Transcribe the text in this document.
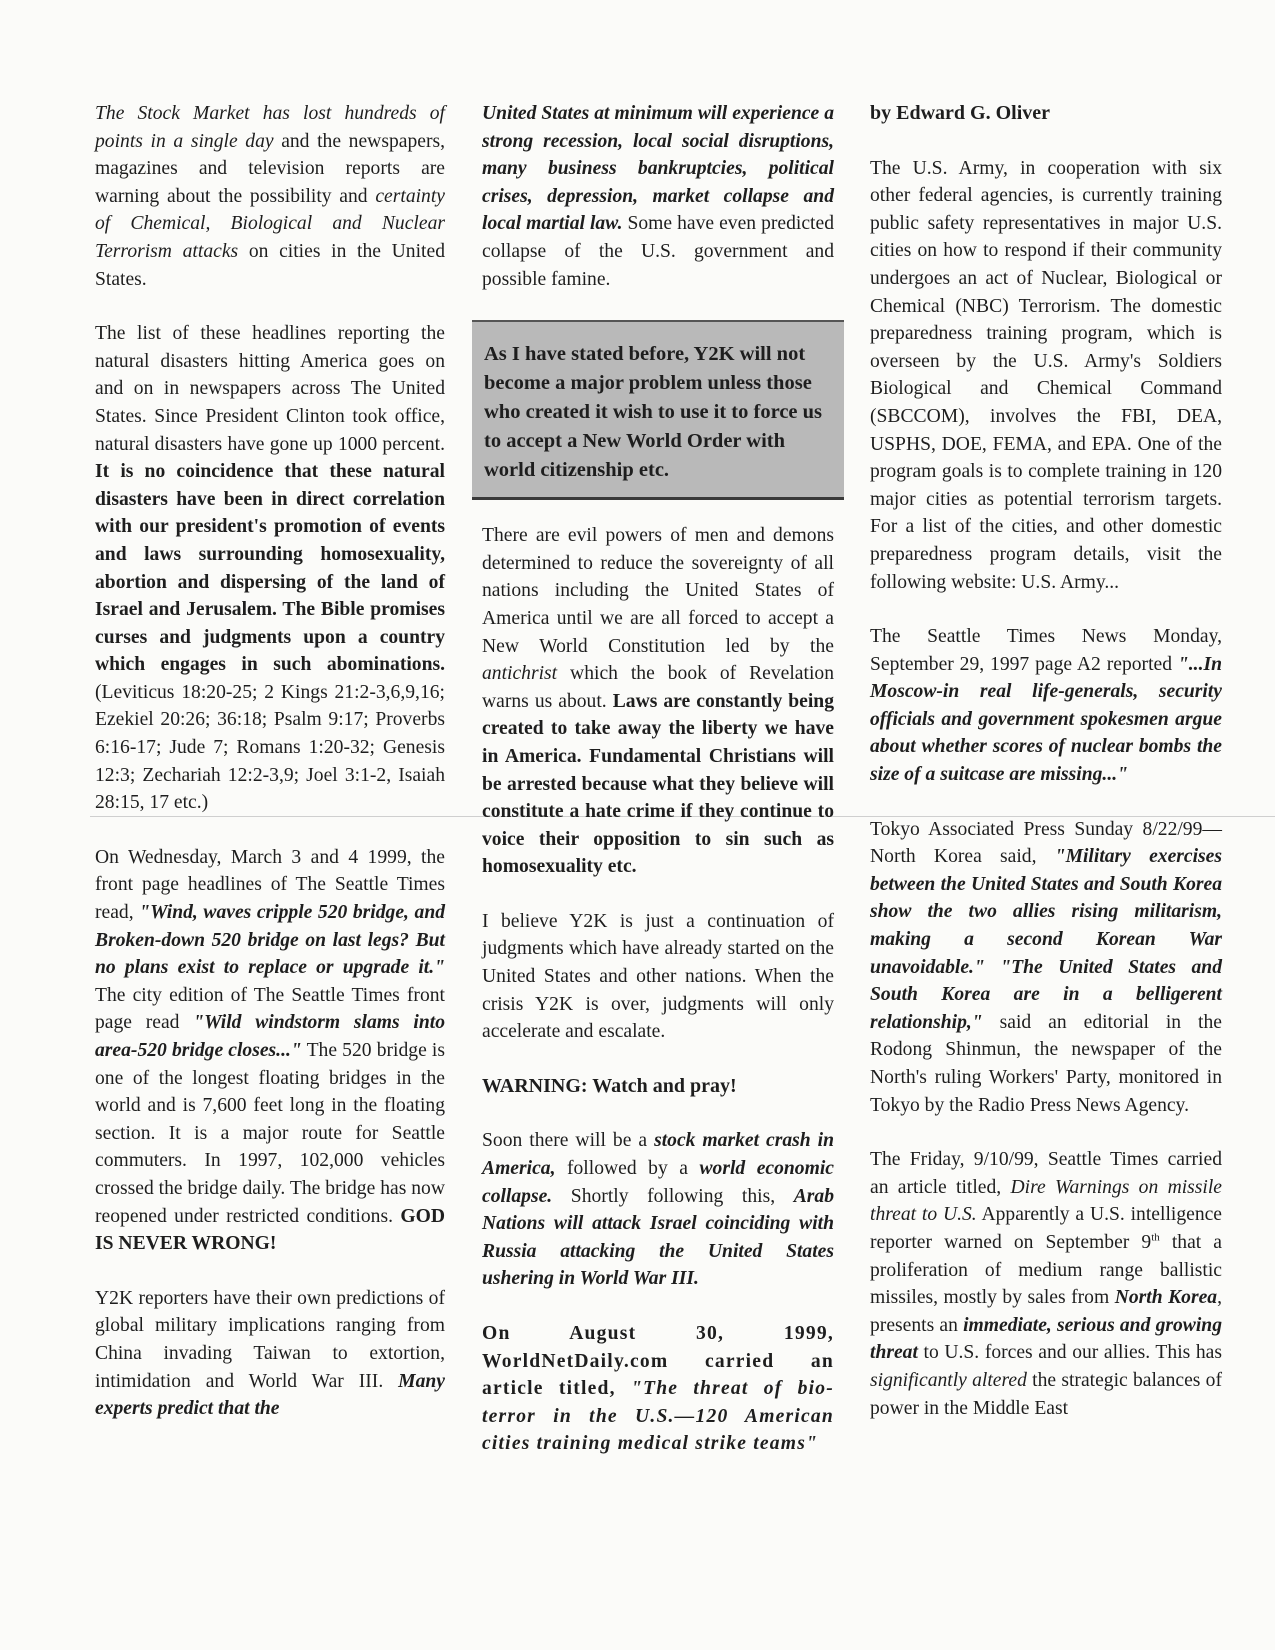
The Stock Market has lost hundreds of points in a single day and the newspapers, magazines and television reports are warning about the possibility and certainty of Chemical, Biological and Nuclear Terrorism attacks on cities in the United States.

The list of these headlines reporting the natural disasters hitting America goes on and on in newspapers across The United States. Since President Clinton took office, natural disasters have gone up 1000 percent. It is no coincidence that these natural disasters have been in direct correlation with our president's promotion of events and laws surrounding homosexuality, abortion and dispersing of the land of Israel and Jerusalem. The Bible promises curses and judgments upon a country which engages in such abominations. (Leviticus 18:20-25; 2 Kings 21:2-3,6,9,16; Ezekiel 20:26; 36:18; Psalm 9:17; Proverbs 6:16-17; Jude 7; Romans 1:20-32; Genesis 12:3; Zechariah 12:2-3,9; Joel 3:1-2, Isaiah 28:15, 17 etc.)

On Wednesday, March 3 and 4 1999, the front page headlines of The Seattle Times read, "Wind, waves cripple 520 bridge, and Broken-down 520 bridge on last legs? But no plans exist to replace or upgrade it." The city edition of The Seattle Times front page read "Wild windstorm slams into area-520 bridge closes..." The 520 bridge is one of the longest floating bridges in the world and is 7,600 feet long in the floating section. It is a major route for Seattle commuters. In 1997, 102,000 vehicles crossed the bridge daily. The bridge has now reopened under restricted conditions. GOD IS NEVER WRONG!

Y2K reporters have their own predictions of global military implications ranging from China invading Taiwan to extortion, intimidation and World War III. Many experts predict that the

United States at minimum will experience a strong recession, local social disruptions, many business bankruptcies, political crises, depression, market collapse and local martial law. Some have even predicted collapse of the U.S. government and possible famine.

As I have stated before, Y2K will not become a major problem unless those who created it wish to use it to force us to accept a New World Order with world citizenship etc.

There are evil powers of men and demons determined to reduce the sovereignty of all nations including the United States of America until we are all forced to accept a New World Constitution led by the antichrist which the book of Revelation warns us about. Laws are constantly being created to take away the liberty we have in America. Fundamental Christians will be arrested because what they believe will constitute a hate crime if they continue to voice their opposition to sin such as homosexuality etc.

I believe Y2K is just a continuation of judgments which have already started on the United States and other nations. When the crisis Y2K is over, judgments will only accelerate and escalate.

WARNING: Watch and pray!

Soon there will be a stock market crash in America, followed by a world economic collapse. Shortly following this, Arab Nations will attack Israel coinciding with Russia attacking the United States ushering in World War III.

On August 30, 1999, WorldNetDaily.com carried an article titled, "The threat of bio-terror in the U.S.—120 American cities training medical strike teams"

by Edward G. Oliver

The U.S. Army, in cooperation with six other federal agencies, is currently training public safety representatives in major U.S. cities on how to respond if their community undergoes an act of Nuclear, Biological or Chemical (NBC) Terrorism. The domestic preparedness training program, which is overseen by the U.S. Army's Soldiers Biological and Chemical Command (SBCCOM), involves the FBI, DEA, USPHS, DOE, FEMA, and EPA. One of the program goals is to complete training in 120 major cities as potential terrorism targets. For a list of the cities, and other domestic preparedness program details, visit the following website: U.S. Army...

The Seattle Times News Monday, September 29, 1997 page A2 reported "...In Moscow-in real life-generals, security officials and government spokesmen argue about whether scores of nuclear bombs the size of a suitcase are missing..."

Tokyo Associated Press Sunday 8/22/99—North Korea said, "Military exercises between the United States and South Korea show the two allies rising militarism, making a second Korean War unavoidable." "The United States and South Korea are in a belligerent relationship," said an editorial in the Rodong Shinmun, the newspaper of the North's ruling Workers' Party, monitored in Tokyo by the Radio Press News Agency.

The Friday, 9/10/99, Seattle Times carried an article titled, Dire Warnings on missile threat to U.S. Apparently a U.S. intelligence reporter warned on September 9th that a proliferation of medium range ballistic missiles, mostly by sales from North Korea, presents an immediate, serious and growing threat to U.S. forces and our allies. This has significantly altered the strategic balances of power in the Middle East
